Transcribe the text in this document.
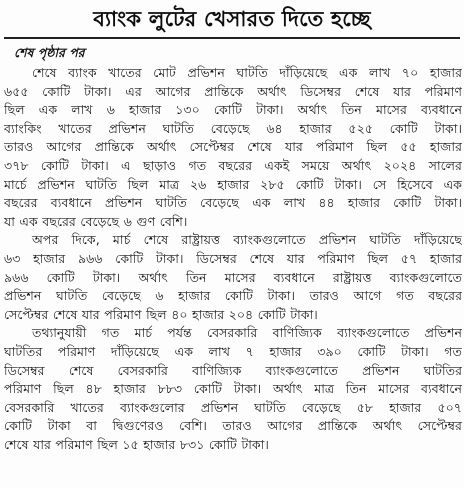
ব্যাংক লুটের খেসারত দিতে হচ্ছে
শেষ পৃষ্ঠার পর
শেষে ব্যাংক খাতের মোট প্রভিশন ঘাটতি দাঁড়িয়েছে এক লাখ ৭০ হাজার
৬৫৫ কোটি টাকা। এর আগের প্রান্তিকে অর্থাৎ ডিসেম্বর শেষে যার পরিমাণ
ছিল এক লাখ ৬ হাজার ১৩০ কোটি টাকা। অর্থাৎ তিন মাসের ব্যবধানে
ব্যাংকিং খাতের প্রভিশন ঘাটতি বেড়েছে ৬৪ হাজার ৫২৫ কোটি টাকা।
তারও আগের প্রান্তিকে অর্থাৎ সেপ্টেম্বর শেষে যার পরিমাণ ছিল ৫৫ হাজার
৩৭৮ কোটি টাকা। এ ছাড়াও গত বছরের একই সময়ে অর্থাৎ ২০২৪ সালের
মার্চে প্রভিশন ঘাটতি ছিল মাত্র ২৬ হাজার ২৮৫ কোটি টাকা। সে হিসেবে এক
বছরের ব্যবধানে প্রভিশন ঘাটতি বেড়েছে এক লাখ ৪৪ হাজার কোটি টাকা।
যা এক বছরের বেড়েছে ৬ গুণ বেশি।
অপর দিকে, মার্চ শেষে রাষ্ট্রায়ত্ত ব্যাংকগুলোতে প্রভিশন ঘাটতি দাঁড়িয়েছে
৬৩ হাজার ৯৬৬ কোটি টাকা। ডিসেম্বর শেষে যার পরিমাণ ছিল ৫৭ হাজার
৯৬৬ কোটি টাকা। অর্থাৎ তিন মাসের ব্যবধানে রাষ্ট্রায়ত্ত ব্যাংকগুলোতে
প্রভিশন ঘাটতি বেড়েছে ৬ হাজার কোটি টাকা। তারও আগে গত বছরের
সেপ্টেম্বর শেষে যার পরিমাণ ছিল ৪০ হাজার ২০৪ কোটি টাকা।
তথ্যানুযায়ী গত মার্চ পর্যন্ত বেসরকারি বাণিজ্যিক ব্যাংকগুলোতে প্রভিশন
ঘাটতির পরিমাণ দাঁড়িয়েছে এক লাখ ৭ হাজার ৩৯০ কোটি টাকা। গত
ডিসেম্বর শেষে বেসরকারি বাণিজ্যিক ব্যাংকগুলোতে প্রভিশন ঘাটতির
পরিমাণ ছিল ৪৮ হাজার ৮৮৩ কোটি টাকা। অর্থাৎ মাত্র তিন মাসের ব্যবধানে
বেসরকারি খাতের ব্যাংকগুলোর প্রভিশন ঘাটতি বেড়েছে ৫৮ হাজার ৫০৭
কোটি টাকা বা দ্বিগুণেরও বেশি। তারও আগের প্রান্তিকে অর্থাৎ সেপ্টেম্বর
শেষে যার পরিমাণ ছিল ১৫ হাজার ৮৩১ কোটি টাকা।
